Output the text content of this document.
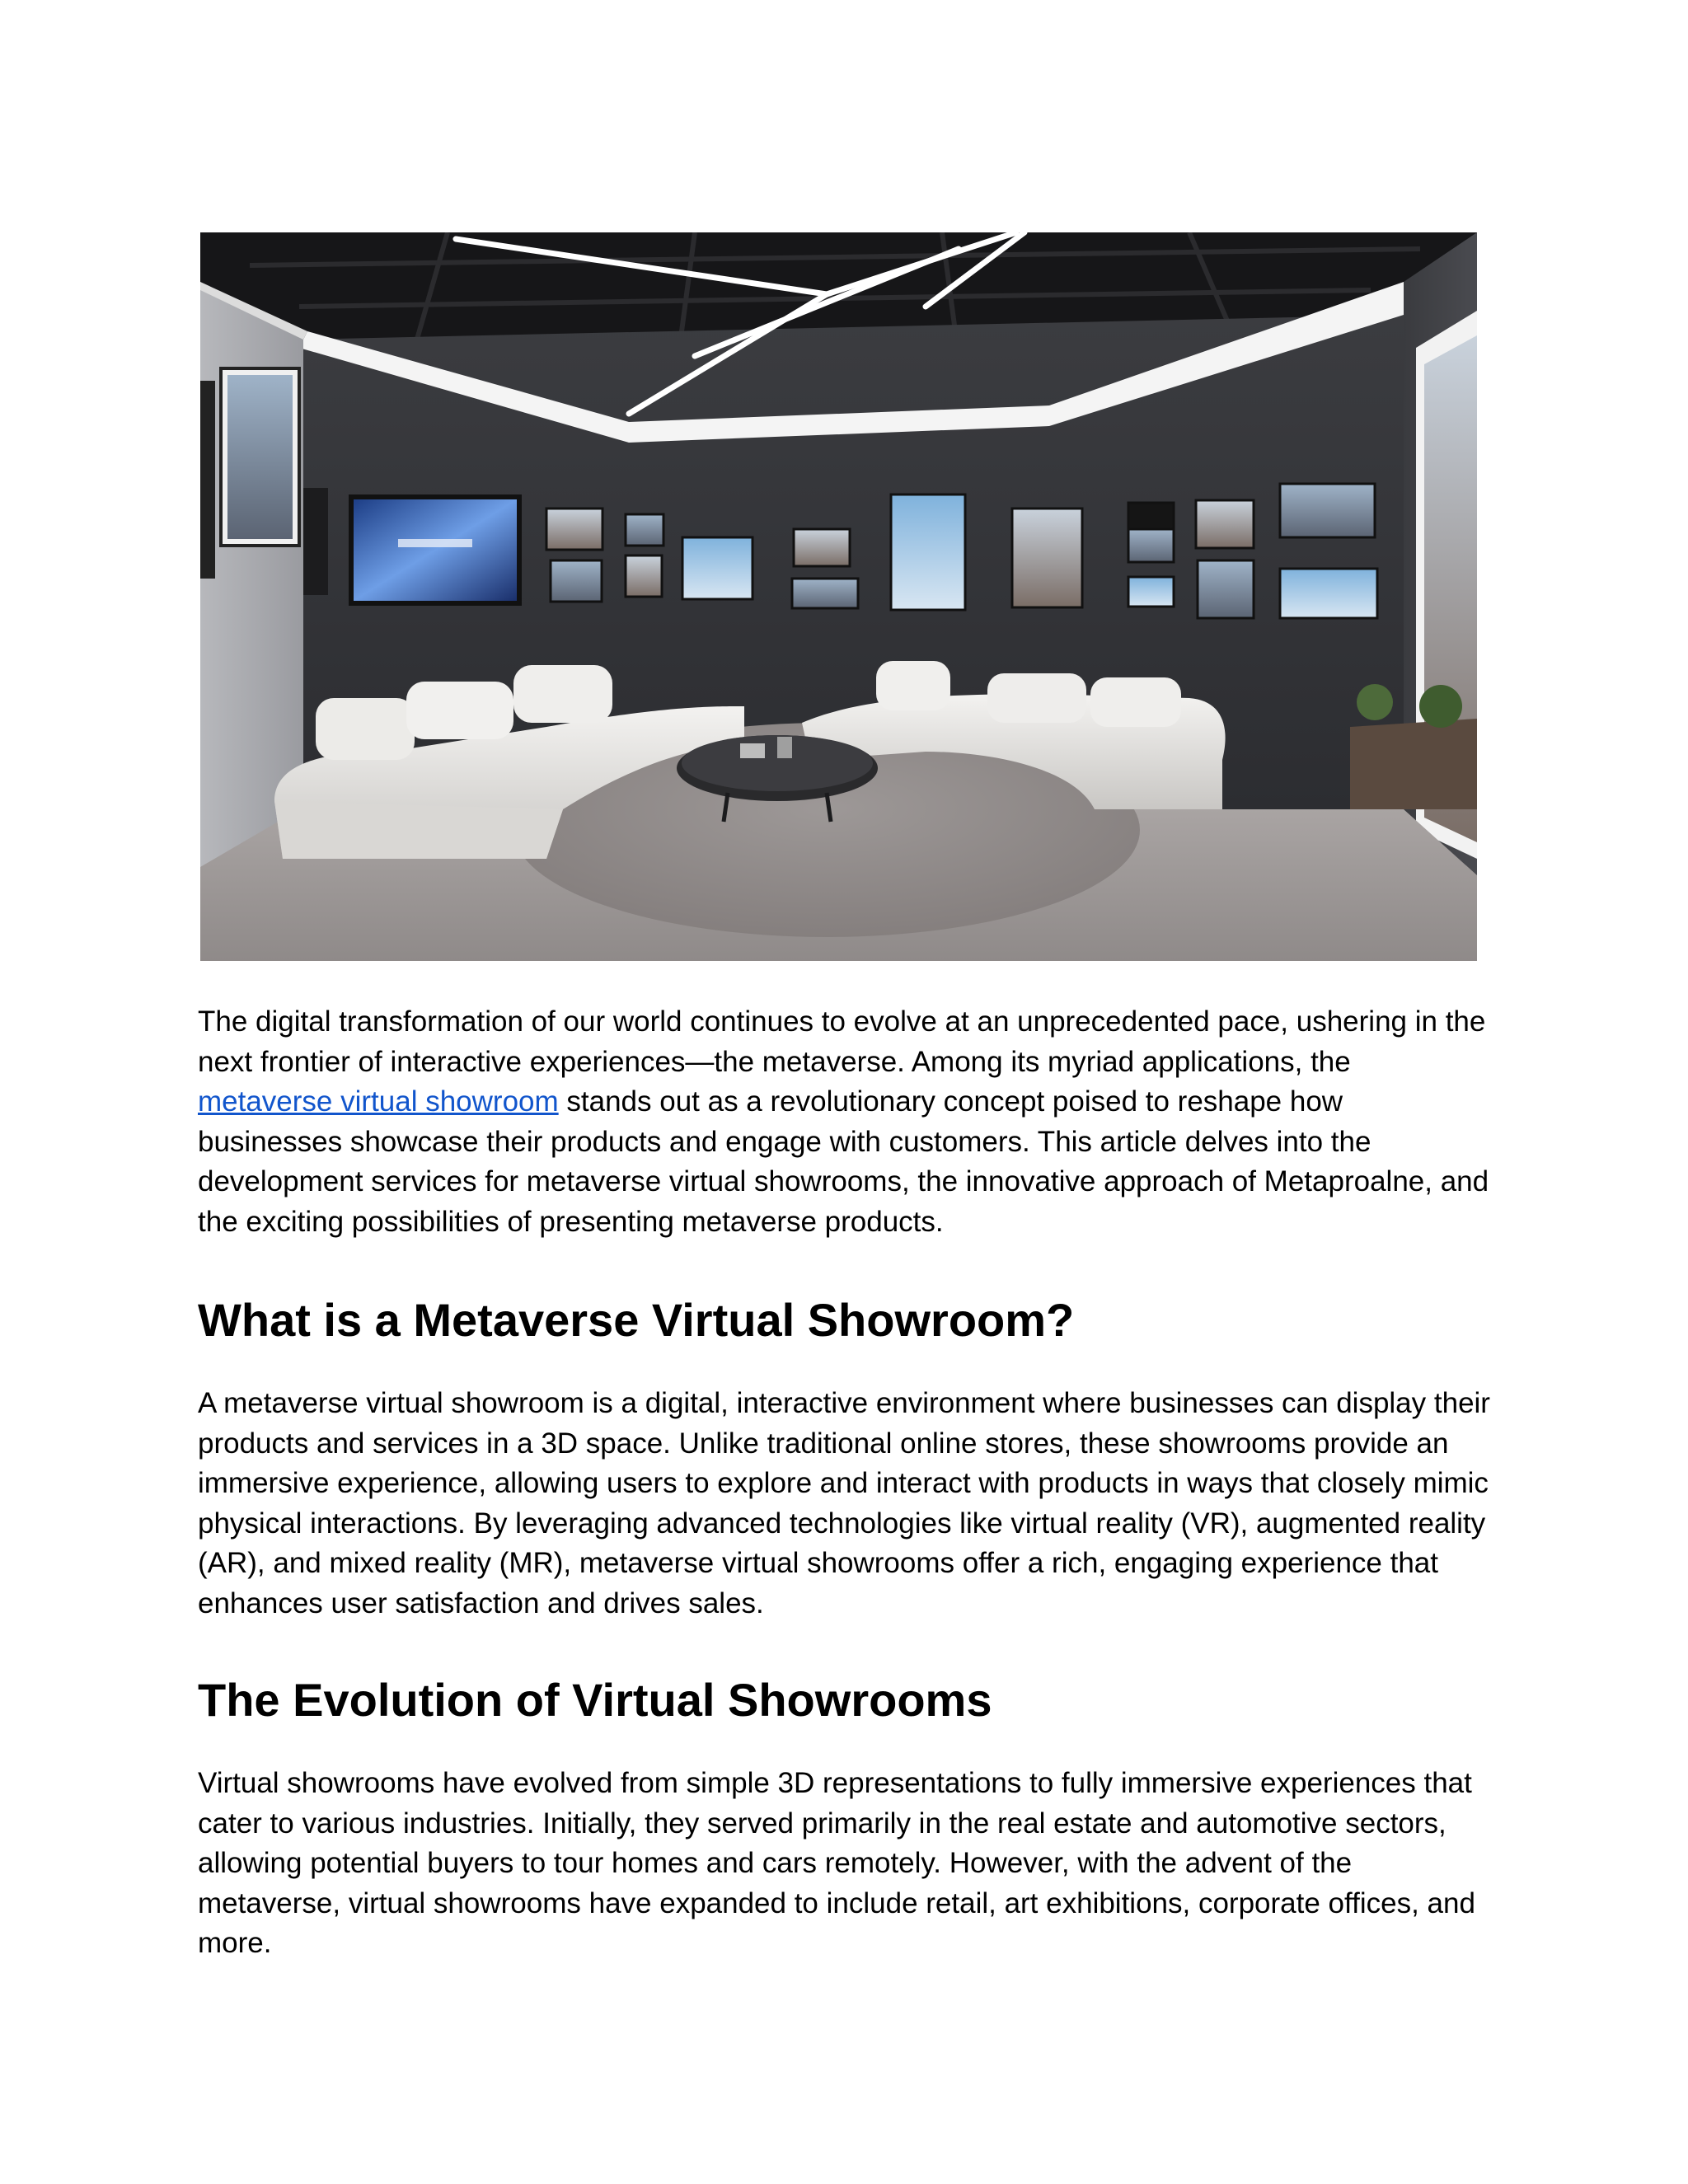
The digital transformation of our world continues to evolve at an unprecedented pace, ushering in the next frontier of interactive experiences—the metaverse. Among its myriad applications, the metaverse virtual showroom stands out as a revolutionary concept poised to reshape how businesses showcase their products and engage with customers. This article delves into the development services for metaverse virtual showrooms, the innovative approach of Metaproalne, and the exciting possibilities of presenting metaverse products.

What is a Metaverse Virtual Showroom?

A metaverse virtual showroom is a digital, interactive environment where businesses can display their products and services in a 3D space. Unlike traditional online stores, these showrooms provide an immersive experience, allowing users to explore and interact with products in ways that closely mimic physical interactions. By leveraging advanced technologies like virtual reality (VR), augmented reality (AR), and mixed reality (MR), metaverse virtual showrooms offer a rich, engaging experience that enhances user satisfaction and drives sales.

The Evolution of Virtual Showrooms

Virtual showrooms have evolved from simple 3D representations to fully immersive experiences that cater to various industries. Initially, they served primarily in the real estate and automotive sectors, allowing potential buyers to tour homes and cars remotely. However, with the advent of the metaverse, virtual showrooms have expanded to include retail, art exhibitions, corporate offices, and more.
